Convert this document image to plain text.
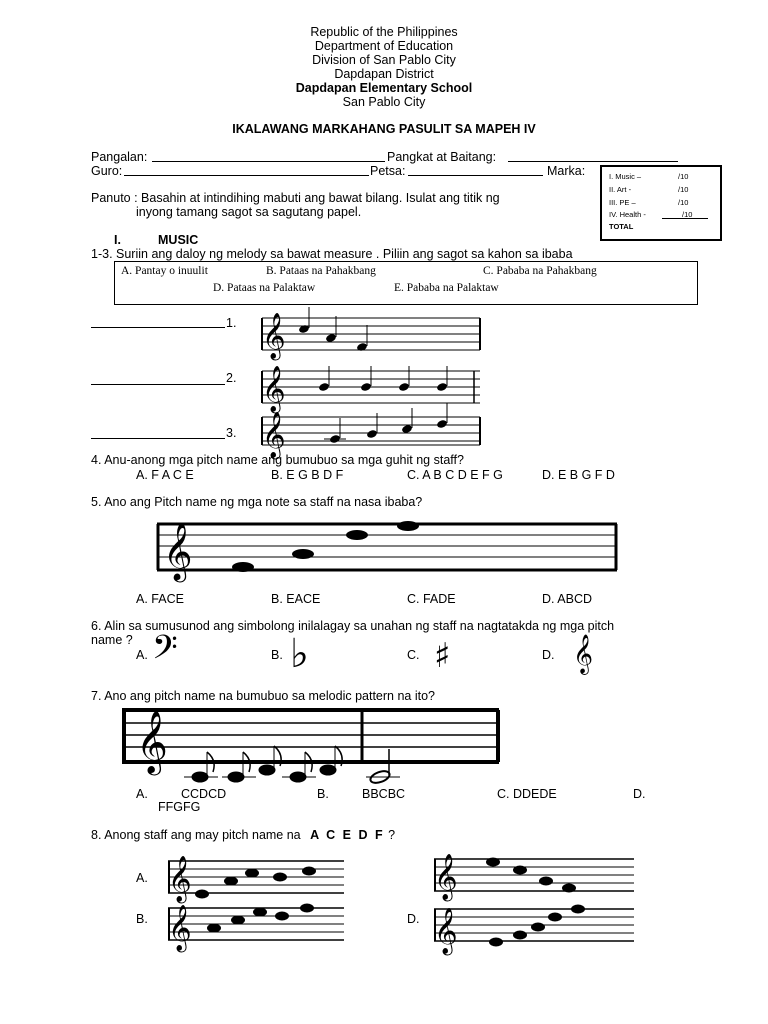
Republic of the Philippines
Department of Education
Division of San Pablo City
Dapdapan District
Dapdapan Elementary School
San Pablo City
IKALAWANG MARKAHANG PASULIT SA MAPEH IV
Pangalan:	Pangkat at Baitang:
Guro:	Petsa:	Marka:	I. Music –	/10
II. Art -	/10
III. PE –	/10
IV. Health -	/10
TOTAL
Panuto : Basahin at intindihing mabuti ang bawat bilang. Isulat ang titik ng
inyong tamang sagot sa sagutang papel.
I.	MUSIC
1-3. Suriin ang daloy ng melody sa bawat measure . Piliin ang sagot sa kahon sa ibaba
A. Pantay o inuulit	B. Pataas na Pahakbang	C. Pababa na Pahakbang
D. Pataas na Palaktaw	E. Pababa na Palaktaw
1.
2.
3.
𝄞
𝄞
𝄞
4. Anu-anong mga pitch name ang bumubuo sa mga guhit ng staff?
A. F A C E	B. E G B D F	C. A B C D E F G	D. E B G F D
5. Ano ang Pitch name ng mga note sa staff na nasa ibaba?
𝄞
A. FACE	B. EACE	C. FADE	D. ABCD
6. Alin sa sumusunod ang simbolong inilalagay sa unahan ng staff na nagtatakda ng mga pitch
name ?
A. 𝄢	B. ♭	C. ♯	D. 𝄞
7. Ano ang pitch name na bumubuo sa melodic pattern na ito?
𝄞
A.	CCDCD	B.	BBCBC	C. DDEDE	D.
FFGFG
8. Anong staff ang may pitch name na A C E D F ?
A. 𝄞
B. 𝄞
𝄞
D. 𝄞
